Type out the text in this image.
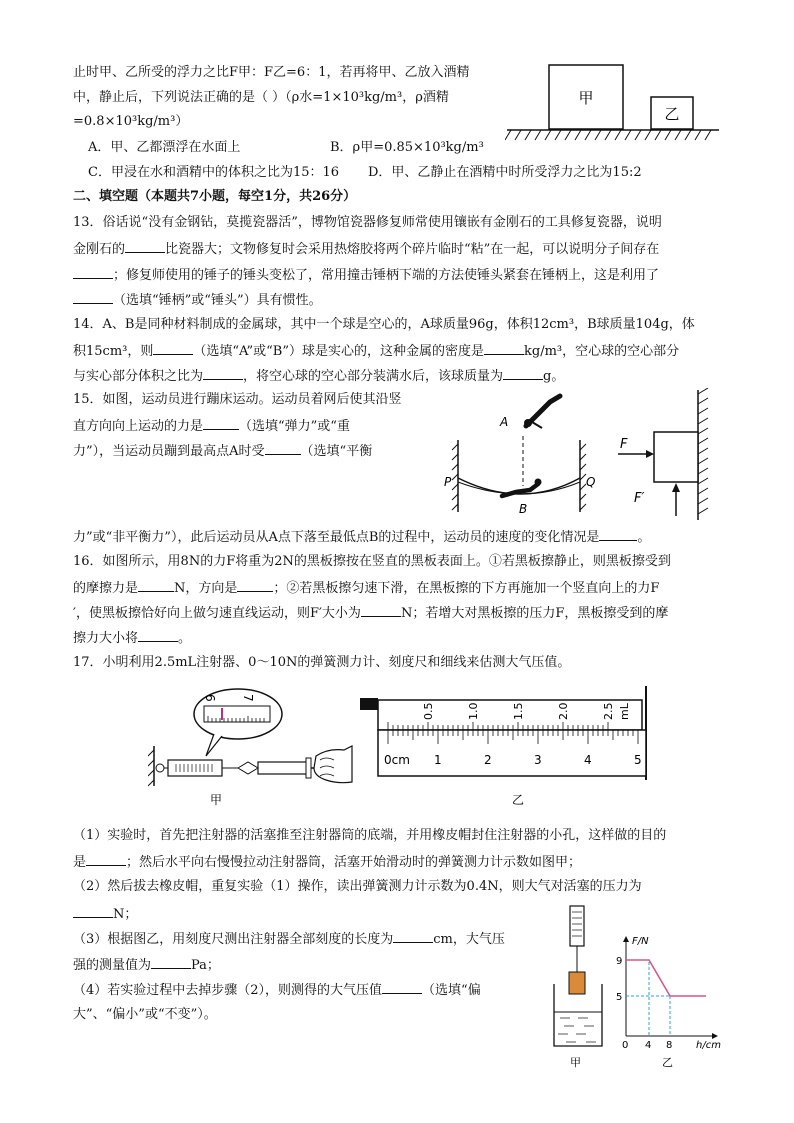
止时甲、乙所受的浮力之比F甲：F乙=6：1，若再将甲、乙放入酒精
中，静止后，下列说法正确的是（ ）（ρ水=1×10³kg/m³，ρ酒精
=0.8×10³kg/m³）
A．甲、乙都漂浮在水面上	B．ρ甲=0.85×10³kg/m³
C．甲浸在水和酒精中的体积之比为15：16 D．甲、乙静止在酒精中时所受浮力之比为15:2
甲
乙
二、填空题（本题共7小题，每空1分，共26分）
13．俗话说“没有金钢钻，莫揽瓷器活”，博物馆瓷器修复师常使用镶嵌有金刚石的工具修复瓷器，说明
金刚石的	比瓷器大；文物修复时会采用热熔胶将两个碎片临时“粘”在一起，可以说明分子间存在
；修复师使用的锤子的锤头变松了，常用撞击锤柄下端的方法使锤头紧套在锤柄上，这是利用了
（选填“锤柄”或“锤头”）具有惯性。
14．A、B是同种材料制成的金属球，其中一个球是空心的，A球质量96g，体积12cm³，B球质量104g，体
积15cm³，则	（选填“A”或“B”）球是实心的，这种金属的密度是	kg/m³，空心球的空心部分
与实心部分体积之比为	，将空心球的空心部分装满水后，该球质量为	g。
15．如图，运动员进行蹦床运动。运动员着网后使其沿竖
直方向向上运动的力是	（选填“弹力”或“重
力”），当运动员蹦到最高点A时受	（选填“平衡
A
B
P	Q
F
F′
力”或“非平衡力”），此后运动员从A点下落至最低点B的过程中，运动员的速度的变化情况是	。
16．如图所示，用8N的力F将重为2N的黑板擦按在竖直的黑板表面上。①若黑板擦静止，则黑板擦受到
的摩擦力是	N，方向是	；②若黑板擦匀速下滑，在黑板擦的下方再施加一个竖直向上的力F
′，使黑板擦恰好向上做匀速直线运动，则F′大小为	N；若增大对黑板擦的压力F，黑板擦受到的摩
擦力大小将	。
17．小明利用2.5mL注射器、0～10N的弹簧测力计、刻度尺和细线来估测大气压值。
6 7
甲
0.5	1.0	1.5	2.0	2.5 mL
0cm 1	2	3	4	5
乙
（1）实验时，首先把注射器的活塞推至注射器筒的底端，并用橡皮帽封住注射器的小孔，这样做的目的
是	；然后水平向右慢慢拉动注射器筒，活塞开始滑动时的弹簧测力计示数如图甲；
（2）然后拔去橡皮帽，重复实验（1）操作，读出弹簧测力计示数为0.4N，则大气对活塞的压力为
N；
（3）根据图乙，用刻度尺测出注射器全部刻度的长度为	cm，大气压
强的测量值为	Pa；
（4）若实验过程中去掉步骤（2），则测得的大气压值	（选填“偏
大”、“偏小”或“不变”）。
甲
F/N
h/cm
9
5
0 4 8
乙
